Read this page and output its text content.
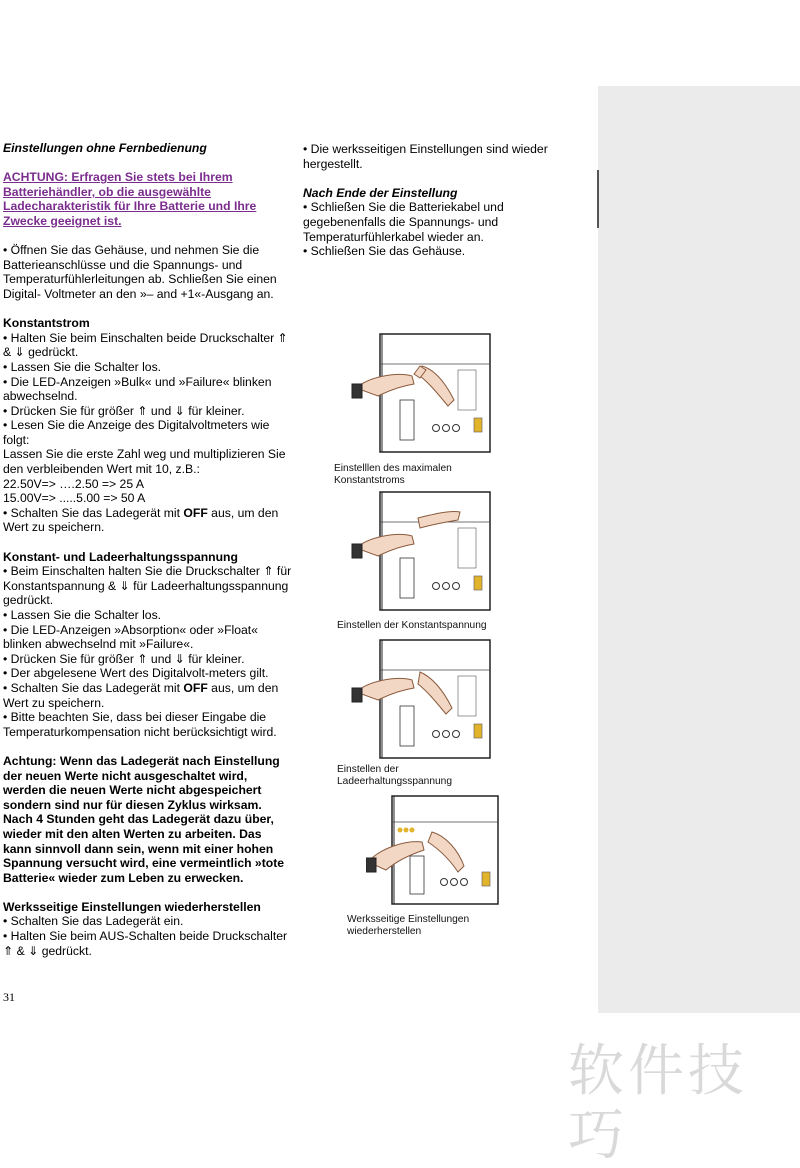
Einstellungen ohne Fernbedienung

ACHTUNG: Erfragen Sie stets bei Ihrem Batteriehändler, ob die ausgewählte Ladecharakteristik für Ihre Batterie und Ihre Zwecke geeignet ist.

• Öffnen Sie das Gehäuse, und nehmen Sie die Batterieanschlüsse und die Spannungs- und Temperaturfühlerleitungen ab. Schließen Sie einen Digital- Voltmeter an den »– and +1«-Ausgang an.

Konstantstrom

• Halten Sie beim Einschalten beide Druckschalter ⇑ & ⇓ gedrückt.

• Lassen Sie die Schalter los.

• Die LED-Anzeigen »Bulk« und »Failure« blinken abwechselnd.

• Drücken Sie für größer ⇑ und ⇓ für kleiner.

• Lesen Sie die Anzeige des Digitalvoltmeters wie folgt:

Lassen Sie die erste Zahl weg und multiplizieren Sie den verbleibenden Wert mit 10, z.B.:

22.50V=> ….2.50 => 25 A

15.00V=> .....5.00 => 50 A

• Schalten Sie das Ladegerät mit OFF aus, um den Wert zu speichern.

Konstant- und Ladeerhaltungsspannung

• Beim Einschalten halten Sie die Druckschalter ⇑ für Konstantspannung & ⇓ für Ladeerhaltungsspannung gedrückt.

• Lassen Sie die Schalter los.

• Die LED-Anzeigen »Absorption« oder »Float« blinken abwechselnd mit »Failure«.

• Drücken Sie für größer ⇑ und ⇓ für kleiner.

• Der abgelesene Wert des Digitalvolt-meters gilt.

• Schalten Sie das Ladegerät mit OFF aus, um den Wert zu speichern.

• Bitte beachten Sie, dass bei dieser Eingabe die Temperaturkompensation nicht berücksichtigt wird.

Achtung: Wenn das Ladegerät nach Einstellung der neuen Werte nicht ausgeschaltet wird, werden die neuen Werte nicht abgespeichert sondern sind nur für diesen Zyklus wirksam. Nach 4 Stunden geht das Ladegerät dazu über, wieder mit den alten Werten zu arbeiten. Das kann sinnvoll dann sein, wenn mit einer hohen Spannung versucht wird, eine vermeintlich »tote Batterie« wieder zum Leben zu erwecken.

Werksseitige Einstellungen wiederherstellen

• Schalten Sie das Ladegerät ein.

• Halten Sie beim AUS-Schalten beide Druckschalter ⇑ & ⇓ gedrückt.

• Die werksseitigen Einstellungen sind wieder hergestellt.

Nach Ende der Einstellung

• Schließen Sie die Batteriekabel und gegebenenfalls die Spannungs- und Temperaturfühlerkabel wieder an.

• Schließen Sie das Gehäuse.

Einstelllen des maximalen Konstantstroms
Einstellen der Konstantspannung
Einstellen der Ladeerhaltungsspannung
Werksseitige Einstellungen wiederherstellen
31
软件技巧
